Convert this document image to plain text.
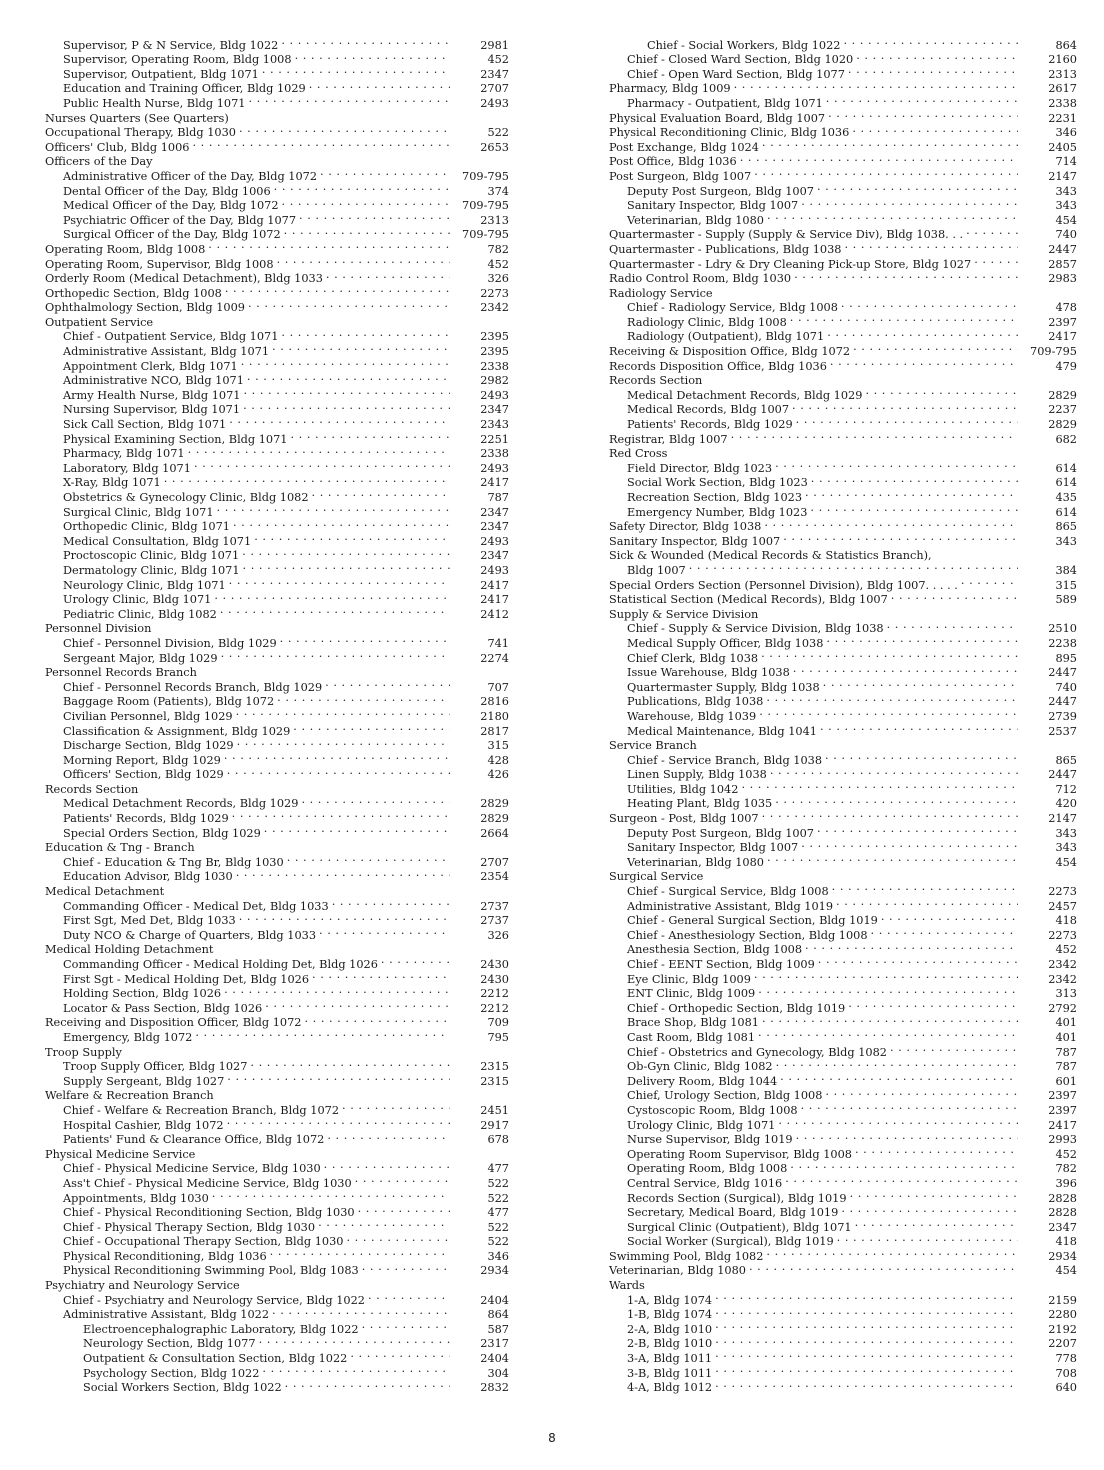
Supervisor, P & N Service, Bldg 1022 . . .	2981
Supervisor, Operating Room, Bldg 1008 . . .	452
Supervisor, Outpatient, Bldg 1071 . . .	2347
Education and Training Officer, Bldg 1029 . . .	2707
Public Health Nurse, Bldg 1071 . . .	2493
Nurses Quarters (See Quarters)
Occupational Therapy, Bldg 1030 . . .	522
Officers' Club, Bldg 1006 . . .	2653
Officers of the Day
Administrative Officer of the Day, Bldg 1072 . . .	709-795
Dental Officer of the Day, Bldg 1006 . . .	374
Medical Officer of the Day, Bldg 1072 . . .	709-795
Psychiatric Officer of the Day, Bldg 1077 . . .	2313
Surgical Officer of the Day, Bldg 1072 . . .	709-795
Operating Room, Bldg 1008 . . .	782
Operating Room, Supervisor, Bldg 1008 . . .	452
Orderly Room (Medical Detachment), Bldg 1033 . . .	326
Orthopedic Section, Bldg 1008 . . .	2273
Ophthalmology Section, Bldg 1009 . . .	2342
Outpatient Service
Chief - Outpatient Service, Bldg 1071 . . .	2395
Administrative Assistant, Bldg 1071 . . .	2395
Appointment Clerk, Bldg 1071 . . .	2338
Administrative NCO, Bldg 1071 . . .	2982
Army Health Nurse, Bldg 1071 . . .	2493
Nursing Supervisor, Bldg 1071 . . .	2347
Sick Call Section, Bldg 1071 . . .	2343
Physical Examining Section, Bldg 1071 . . .	2251
Pharmacy, Bldg 1071 . . .	2338
Laboratory, Bldg 1071 . . .	2493
X-Ray, Bldg 1071 . . .	2417
Obstetrics & Gynecology Clinic, Bldg 1082 . . .	787
Surgical Clinic, Bldg 1071 . . .	2347
Orthopedic Clinic, Bldg 1071 . . .	2347
Medical Consultation, Bldg 1071 . . .	2493
Proctoscopic Clinic, Bldg 1071 . . .	2347
Dermatology Clinic, Bldg 1071 . . .	2493
Neurology Clinic, Bldg 1071 . . .	2417
Urology Clinic, Bldg 1071 . . .	2417
Pediatric Clinic, Bldg 1082 . . .	2412
Personnel Division
Chief - Personnel Division, Bldg 1029 . . .	741
Sergeant Major, Bldg 1029 . . .	2274
Personnel Records Branch
Chief - Personnel Records Branch, Bldg 1029 . . .	707
Baggage Room (Patients), Bldg 1072 . . .	2816
Civilian Personnel, Bldg 1029 . . .	2180
Classification & Assignment, Bldg 1029 . . .	2817
Discharge Section, Bldg 1029 . . .	315
Morning Report, Bldg 1029 . . .	428
Officers' Section, Bldg 1029 . . .	426
Records Section
Medical Detachment Records, Bldg 1029 . . .	2829
Patients' Records, Bldg 1029 . . .	2829
Special Orders Section, Bldg 1029 . . .	2664
Education & Tng - Branch
Chief - Education & Tng Br, Bldg 1030 . . .	2707
Education Advisor, Bldg 1030 . . .	2354
Medical Detachment
Commanding Officer - Medical Det, Bldg 1033 . . .	2737
First Sgt, Med Det, Bldg 1033 . . .	2737
Duty NCO & Charge of Quarters, Bldg 1033 . . .	326
Medical Holding Detachment
Commanding Officer - Medical Holding Det, Bldg 1026 . . .	2430
First Sgt - Medical Holding Det, Bldg 1026 . . .	2430
Holding Section, Bldg 1026 . . .	2212
Locator & Pass Section, Bldg 1026 . . .	2212
Receiving and Disposition Officer, Bldg 1072 . . .	709
Emergency, Bldg 1072 . . .	795
Troop Supply
Troop Supply Officer, Bldg 1027 . . .	2315
Supply Sergeant, Bldg 1027 . . .	2315
Welfare & Recreation Branch
Chief - Welfare & Recreation Branch, Bldg 1072 . . .	2451
Hospital Cashier, Bldg 1072 . . .	2917
Patients' Fund & Clearance Office, Bldg 1072 . . .	678
Physical Medicine Service
Chief - Physical Medicine Service, Bldg 1030 . . .	477
Ass't Chief - Physical Medicine Service, Bldg 1030 . . .	522
Appointments, Bldg 1030 . . .	522
Chief - Physical Reconditioning Section, Bldg 1030 . . .	477
Chief - Physical Therapy Section, Bldg 1030 . . .	522
Chief - Occupational Therapy Section, Bldg 1030 . . .	522
Physical Reconditioning, Bldg 1036 . . .	346
Physical Reconditioning Swimming Pool, Bldg 1083 . . .	2934
Psychiatry and Neurology Service
Chief - Psychiatry and Neurology Service, Bldg 1022 . . .	2404
Administrative Assistant, Bldg 1022 . . .	864
Electroencephalographic Laboratory, Bldg 1022 . . .	587
Neurology Section, Bldg 1077 . . .	2317
Outpatient & Consultation Section, Bldg 1022 . . .	2404
Psychology Section, Bldg 1022 . . .	304
Social Workers Section, Bldg 1022 . . .	2832
Chief - Social Workers, Bldg 1022 . . .	864
Chief - Closed Ward Section, Bldg 1020 . . .	2160
Chief - Open Ward Section, Bldg 1077 . . .	2313
Pharmacy, Bldg 1009 . . .	2617
Pharmacy - Outpatient, Bldg 1071 . . .	2338
Physical Evaluation Board, Bldg 1007 . . .	2231
Physical Reconditioning Clinic, Bldg 1036 . . .	346
Post Exchange, Bldg 1024 . . .	2405
Post Office, Bldg 1036 . . .	714
Post Surgeon, Bldg 1007 . . .	2147
Deputy Post Surgeon, Bldg 1007 . . .	343
Sanitary Inspector, Bldg 1007 . . .	343
Veterinarian, Bldg 1080 . . .	454
Quartermaster - Supply (Supply & Service Div), Bldg 1038. . . . . .	740
Quartermaster - Publications, Bldg 1038 . . .	2447
Quartermaster - Ldry & Dry Cleaning Pick-up Store, Bldg 1027 . . .	2857
Radio Control Room, Bldg 1030 . . .	2983
Radiology Service
Chief - Radiology Service, Bldg 1008 . . .	478
Radiology Clinic, Bldg 1008 . . .	2397
Radiology (Outpatient), Bldg 1071 . . .	2417
Receiving & Disposition Office, Bldg 1072 . . .	709-795
Records Disposition Office, Bldg 1036 . . .	479
Records Section
Medical Detachment Records, Bldg 1029 . . .	2829
Medical Records, Bldg 1007 . . .	2237
Patients' Records, Bldg 1029 . . .	2829
Registrar, Bldg 1007 . . .	682
Red Cross
Field Director, Bldg 1023 . . .	614
Social Work Section, Bldg 1023 . . .	614
Recreation Section, Bldg 1023 . . .	435
Emergency Number, Bldg 1023 . . .	614
Safety Director, Bldg 1038 . . .	865
Sanitary Inspector, Bldg 1007 . . .	343
Sick & Wounded (Medical Records & Statistics Branch),
Bldg 1007 . . .	384
Special Orders Section (Personnel Division), Bldg 1007. . . . . . . .	315
Statistical Section (Medical Records), Bldg 1007 . . .	589
Supply & Service Division
Chief - Supply & Service Division, Bldg 1038 . . .	2510
Medical Supply Officer, Bldg 1038 . . .	2238
Chief Clerk, Bldg 1038 . . .	895
Issue Warehouse, Bldg 1038 . . .	2447
Quartermaster Supply, Bldg 1038 . . .	740
Publications, Bldg 1038 . . .	2447
Warehouse, Bldg 1039 . . .	2739
Medical Maintenance, Bldg 1041 . . .	2537
Service Branch
Chief - Service Branch, Bldg 1038 . . .	865
Linen Supply, Bldg 1038 . . .	2447
Utilities, Bldg 1042 . . .	712
Heating Plant, Bldg 1035 . . .	420
Surgeon - Post, Bldg 1007 . . .	2147
Deputy Post Surgeon, Bldg 1007 . . .	343
Sanitary Inspector, Bldg 1007 . . .	343
Veterinarian, Bldg 1080 . . .	454
Surgical Service
Chief - Surgical Service, Bldg 1008 . . .	2273
Administrative Assistant, Bldg 1019 . . .	2457
Chief - General Surgical Section, Bldg 1019 . . .	418
Chief - Anesthesiology Section, Bldg 1008 . . .	2273
Anesthesia Section, Bldg 1008 . . .	452
Chief - EENT Section, Bldg 1009 . . .	2342
Eye Clinic, Bldg 1009 . . .	2342
ENT Clinic, Bldg 1009 . . .	313
Chief - Orthopedic Section, Bldg 1019 . . .	2792
Brace Shop, Bldg 1081 . . .	401
Cast Room, Bldg 1081 . . .	401
Chief - Obstetrics and Gynecology, Bldg 1082 . . .	787
Ob-Gyn Clinic, Bldg 1082 . . .	787
Delivery Room, Bldg 1044 . . .	601
Chief, Urology Section, Bldg 1008 . . .	2397
Cystoscopic Room, Bldg 1008 . . .	2397
Urology Clinic, Bldg 1071 . . .	2417
Nurse Supervisor, Bldg 1019 . . .	2993
Operating Room Supervisor, Bldg 1008 . . .	452
Operating Room, Bldg 1008 . . .	782
Central Service, Bldg 1016 . . .	396
Records Section (Surgical), Bldg 1019 . . .	2828
Secretary, Medical Board, Bldg 1019 . . .	2828
Surgical Clinic (Outpatient), Bldg 1071 . . .	2347
Social Worker (Surgical), Bldg 1019 . . .	418
Swimming Pool, Bldg 1082 . . .	2934
Veterinarian, Bldg 1080 . . .	454
Wards
1-A, Bldg 1074 . . .	2159
1-B, Bldg 1074 . . .	2280
2-A, Bldg 1010 . . .	2192
2-B, Bldg 1010 . . .	2207
3-A, Bldg 1011 . . .	778
3-B, Bldg 1011 . . .	708
4-A, Bldg 1012 . . .	640
8
